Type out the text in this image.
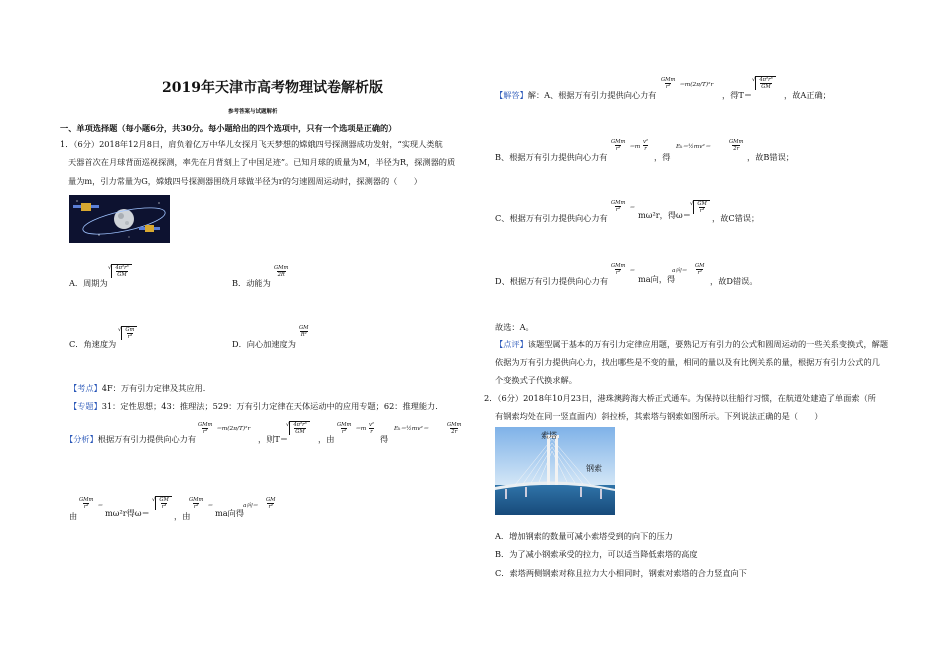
2019年天津市高考物理试卷解析版
参考答案与试题解析
一、单项选择题（每小题6分，共30分。每小题给出的四个选项中，只有一个选项是正确的）
1．（6分）2018年12月8日，肩负着亿万中华儿女探月飞天梦想的嫦娥四号探测器成功发射，“实现人类航
天器首次在月球背面巡视探测，率先在月背刻上了中国足迹”。已知月球的质量为M，半径为R，探测器的质
量为m，引力常量为G，嫦娥四号探测器围绕月球做半径为r的匀速圆周运动时，探测器的（　　）
A．周期为
√ $\frac{\text{4π²r³}}{GM}$
B．动能为
GMm
2R
C．角速度为
√ $\frac{Gm}{\text{r³}}$
D．向心加速度为
$\frac{GM}{\text{R²}}$
【考点】4F：万有引力定律及其应用．
【专题】31：定性思想；43：推理法；529：万有引力定律在天体运动中的应用专题；62：推理能力．
【分析】根据万有引力提供向心力有
GMm
r² ＝m(2π/T)²r
，则T＝
√ $\frac{\text{4π²r³}}{GM}$
，由
GMm
$r^2 =m \frac{\text{v²}}{r}$
得
Eₖ＝½mv²＝
GMm
2r
由
GMm
r² ＝
mω²r得ω＝
√ $\frac{GM}{\text{r³}}$
，由
GMm
r² ＝
ma向得
a向＝ $\frac{GM}{\text{r²}}$
【解答】解：A、根据万有引力提供向心力有
GMm
r² ＝m(2π/T)²r
，得T＝
√ $\frac{\text{4π²r³}}{GM}$
，故A正确；
B、根据万有引力提供向心力有
GMm
$r^2 =m \frac{\text{v²}}{r}$
，得
Eₖ＝½mv²＝
GMm
2r
，故B错误；
C、根据万有引力提供向心力有
GMm
r² ＝
mω²r，得ω＝
√ $\frac{GM}{\text{r³}}$
，故C错误；
D、根据万有引力提供向心力有
GMm
r² ＝
ma向，得
a向＝ $\frac{GM}{\text{r²}}$
，故D错误。
故选：A。
【点评】该题型属于基本的万有引力定律应用题，要熟记万有引力的公式和圆周运动的一些关系变换式，解题
依据为万有引力提供向心力，找出哪些是不变的量，相同的量以及有比例关系的量，根据万有引力公式的几
个变换式子代换求解。
2．（6分）2018年10月23日，港珠澳跨海大桥正式通车。为保持以往船行习惯，在航道处建造了单面索（所
有钢索均处在同一竖直面内）斜拉桥，其索塔与钢索如图所示。下列说法正确的是（　　）
索塔
钢索
A．增加钢索的数量可减小索塔受到的向下的压力
B．为了减小钢索承受的拉力，可以适当降低索塔的高度
C．索塔两侧钢索对称且拉力大小相同时，钢索对索塔的合力竖直向下
